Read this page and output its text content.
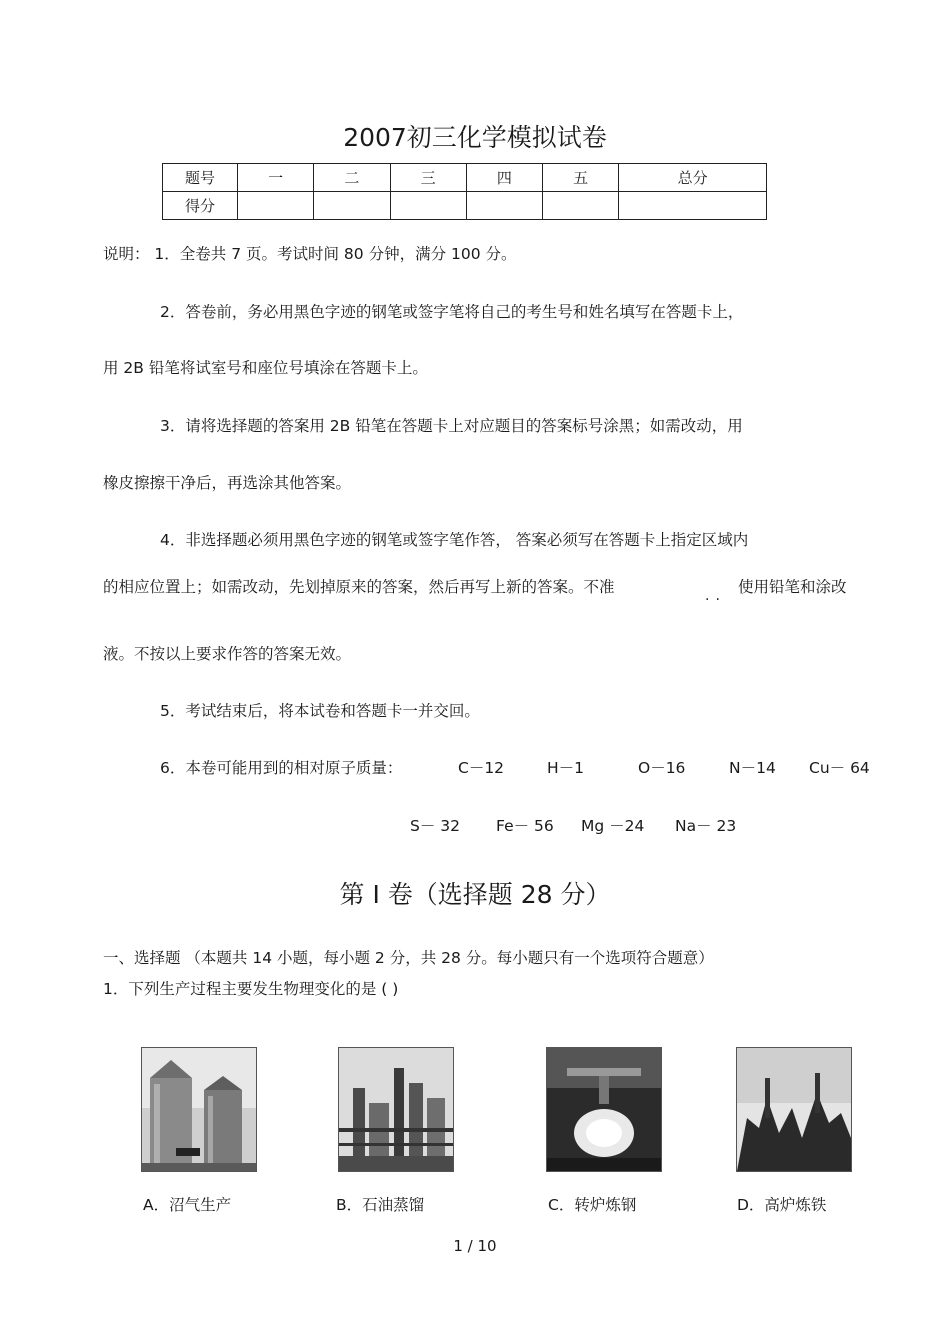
2007初三化学模拟试卷
题号	一	二	三	四	五	总分
得分						
说明： 1．全卷共 7 页。考试时间 80 分钟，满分 100 分。
2．答卷前，务必用黑色字迹的钢笔或签字笔将自己的考生号和姓名填写在答题卡上，
用 2B 铅笔将试室号和座位号填涂在答题卡上。
3．请将选择题的答案用 2B 铅笔在答题卡上对应题目的答案标号涂黑；如需改动，用
橡皮擦擦干净后，再选涂其他答案。
4．非选择题必须用黑色字迹的钢笔或签字笔作答， 答案必须写在答题卡上指定区域内
的相应位置上；如需改动，先划掉原来的答案，然后再写上新的答案。不准	.. 使用铅笔和涂改
液。不按以上要求作答的答案无效。
5．考试结束后，将本试卷和答题卡一并交回。
6．本卷可能用到的相对原子质量：	C－12	H－1	O－16	N－14 Cu－ 64
S－ 32 Fe－ 56 Mg －24 Na－ 23
第 Ⅰ 卷（选择题 28 分）
一、选择题 （本题共 14 小题，每小题 2 分，共 28 分。每小题只有一个选项符合题意）
1．下列生产过程主要发生物理变化的是 ( )
A．沼气生产	B．石油蒸馏	C．转炉炼钢	D．高炉炼铁
1 / 10
